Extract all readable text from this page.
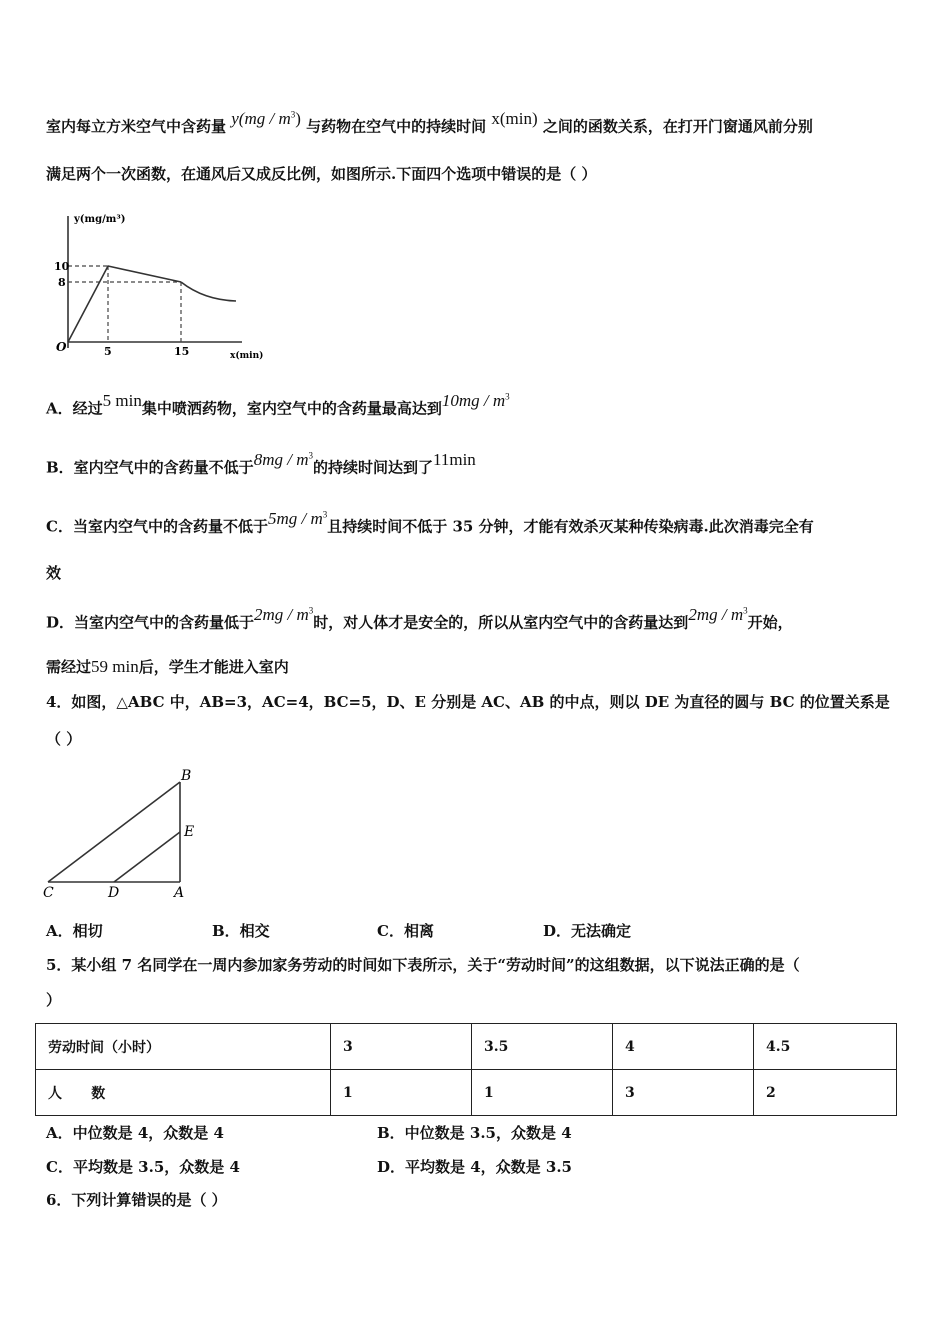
室内每立方米空气中含药量 $y(mg / m^3)$ 与药物在空气中的持续时间 x(min) 之间的函数关系，在打开门窗通风前分别
满足两个一次函数，在通风后又成反比例，如图所示.下面四个选项中错误的是（ ）
y(mg/m³)
10
8
O	5	15	x(min)
A．经过5 min集中喷洒药物，室内空气中的含药量最高达到$10mg / m^3$
B．室内空气中的含药量不低于$8mg / m^3$的持续时间达到了11min
C．当室内空气中的含药量不低于$5mg / m^3$且持续时间不低于 35 分钟，才能有效杀灭某种传染病毒.此次消毒完全有
效
D．当室内空气中的含药量低于$2mg / m^3$时，对人体才是安全的，所以从室内空气中的含药量达到$2mg / m^3$开始，
需经过59 min后，学生才能进入室内
4．如图，△ABC 中，AB=3，AC=4，BC=5，D、E 分别是 AC、AB 的中点，则以 DE 为直径的圆与 BC 的位置关系是
（ ）
B
E
C	D	A
A．相切	B．相交	C．相离	D．无法确定
5．某小组 7 名同学在一周内参加家务劳动的时间如下表所示，关于“劳动时间”的这组数据，以下说法正确的是（
）
劳动时间（小时）	3	3.5	4	4.5
人      数	1	1	3	2
A．中位数是 4，众数是 4	B．中位数是 3.5，众数是 4
C．平均数是 3.5，众数是 4	D．平均数是 4，众数是 3.5
6．下列计算错误的是（ ）
